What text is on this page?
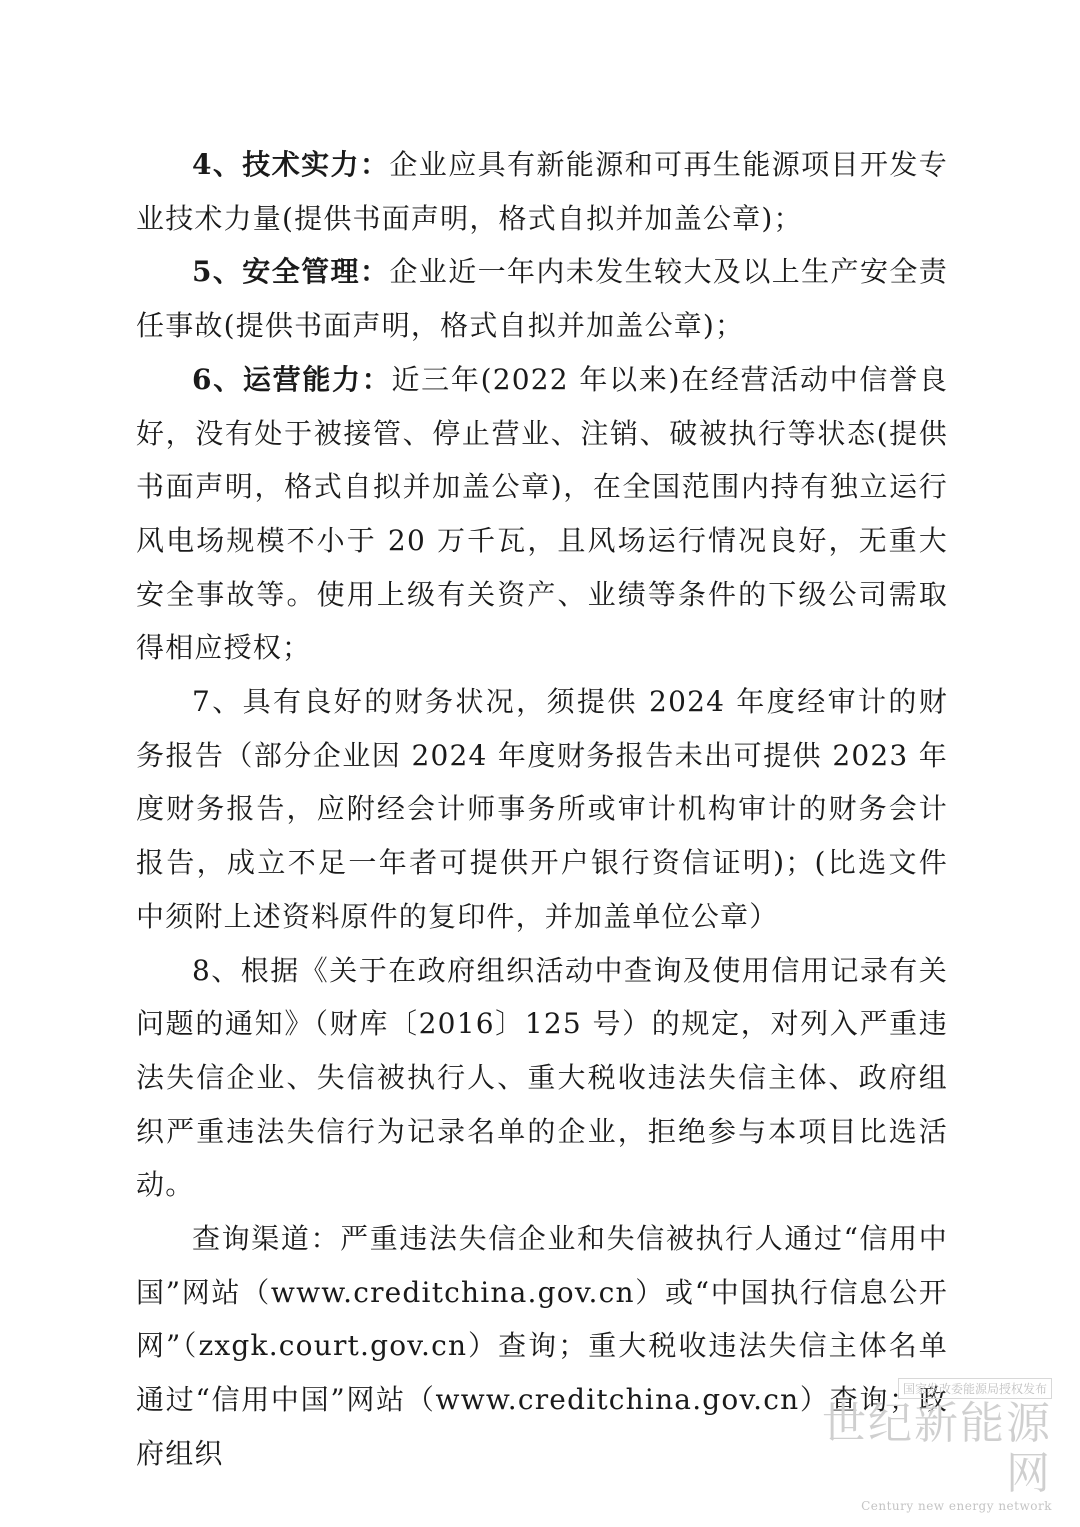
4、技术实力：企业应具有新能源和可再生能源项目开发专业技术力量(提供书面声明，格式自拟并加盖公章)；

5、安全管理：企业近一年内未发生较大及以上生产安全责任事故(提供书面声明，格式自拟并加盖公章)；

6、运营能力：近三年(2022 年以来)在经营活动中信誉良好，没有处于被接管、停止营业、注销、破被执行等状态(提供书面声明，格式自拟并加盖公章)，在全国范围内持有独立运行风电场规模不小于 20 万千瓦，且风场运行情况良好，无重大安全事故等。使用上级有关资产、业绩等条件的下级公司需取得相应授权；

7、具有良好的财务状况，须提供 2024 年度经审计的财务报告（部分企业因 2024 年度财务报告未出可提供 2023 年度财务报告，应附经会计师事务所或审计机构审计的财务会计报告，成立不足一年者可提供开户银行资信证明)；(比选文件中须附上述资料原件的复印件，并加盖单位公章）

8、根据《关于在政府组织活动中查询及使用信用记录有关问题的通知》（财库〔2016〕125 号）的规定，对列入严重违法失信企业、失信被执行人、重大税收违法失信主体、政府组织严重违法失信行为记录名单的企业，拒绝参与本项目比选活动。

查询渠道：严重违法失信企业和失信被执行人通过“信用中国”网站（www.creditchina.gov.cn）或“中国执行信息公开网”（zxgk.court.gov.cn）查询；重大税收违法失信主体名单通过“信用中国”网站（www.creditchina.gov.cn）查询；政府组织

国家发改委能源局授权发布
世纪新能源网
Century new energy network
